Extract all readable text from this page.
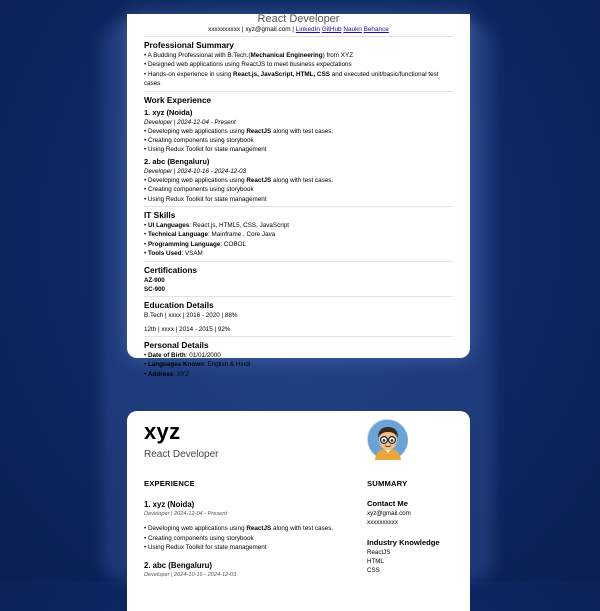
React Developer
xxxxxxxxxx | xyz@gmail.com | LinkedIn GitHub Naukri Behance
Professional Summary
• A Budding Professional with B.Tech.(Mechanical Engineering) from XYZ
• Designed web applications using ReactJS to meet business expectations
• Hands-on experience in using React.js, JavaScript, HTML, CSS and executed unit/basic/functional test cases
Work Experience
1. xyz (Noida)
Developer | 2024-12-04 - Present
• Developing web applications using ReactJS along with test cases.
• Creating components using storybook
• Using Redux Toolkit for state management
2. abc (Bengaluru)
Developer | 2024-10-16 - 2024-12-03
• Developing web applications using ReactJS along with test cases.
• Creating components using storybook
• Using Redux Toolkit for state management
IT Skills
• UI Languages: React.js, HTML5, CSS, JavaScript
• Technical Language: Mainframe , Core Java
• Programming Language: COBOL
• Tools Used: VSAM
Certifications
AZ-900
SC-900
Education Details
B.Tech | xxxx | 2016 - 2020 | 88%
12th | xxxx | 2014 - 2015 | 92%
Personal Details
• Date of Birth: 01/01/2000
• Languages Known: English & Hindi
• Address: XYZ
xyz
React Developer
EXPERIENCE
1. xyz (Noida)
Developer | 2024-12-04 - Present
• Developing web applications using ReactJS along with test cases.
• Creating components using storybook
• Using Redux Toolkit for state management
2. abc (Bengaluru)
Developer | 2024-10-16 - 2024-12-03
SUMMARY
Contact Me
xyz@gmail.com
xxxxxxxxxx
Industry Knowledge
ReactJS
HTML
CSS
